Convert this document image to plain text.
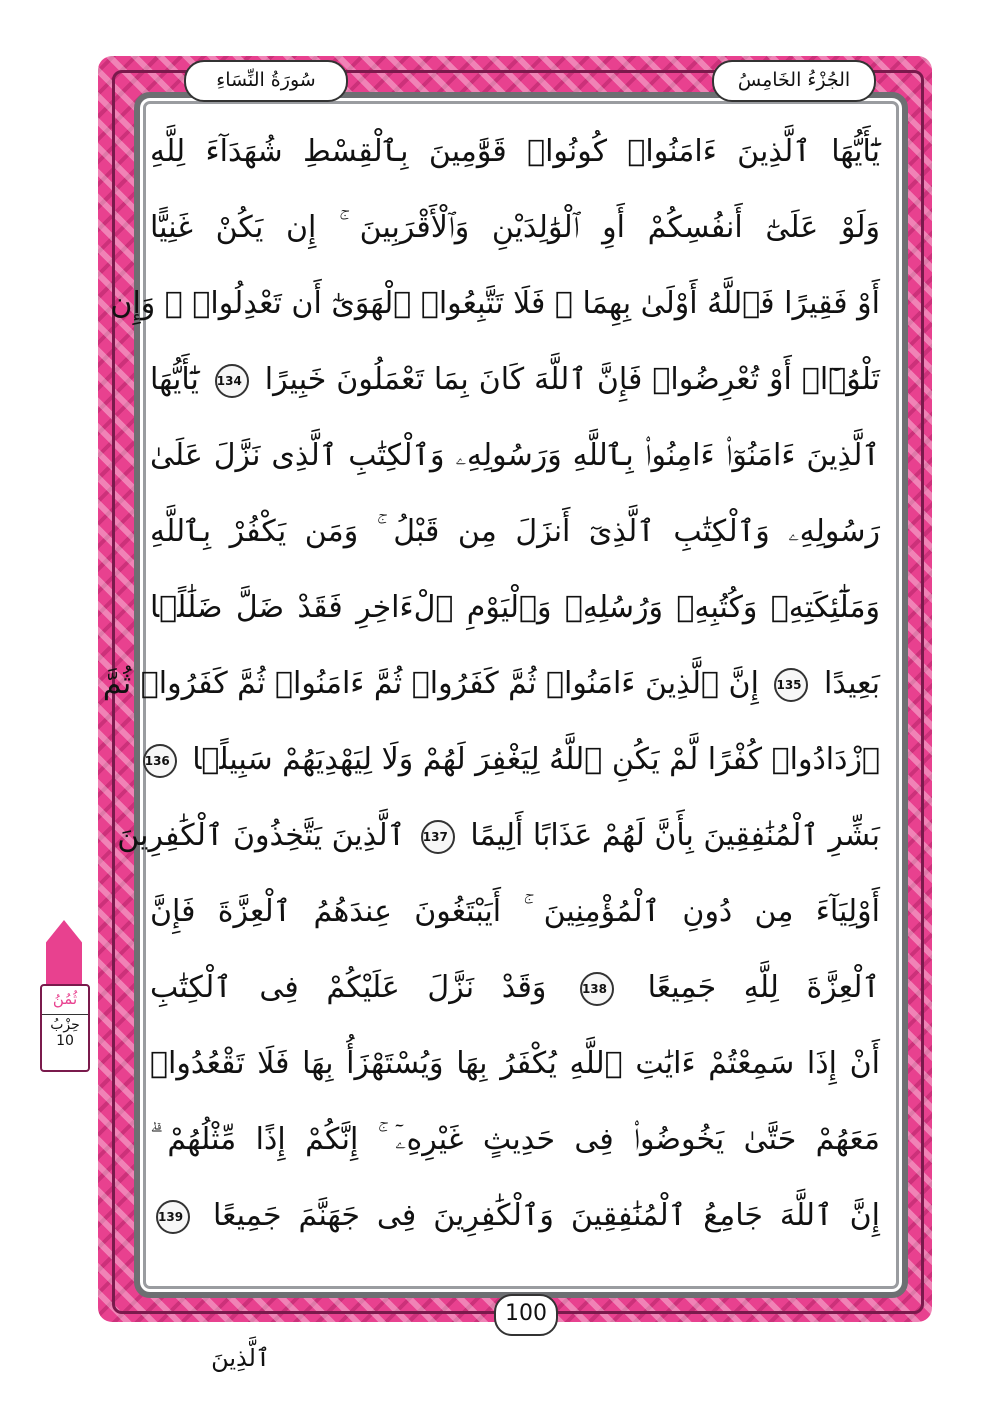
الجُزْءُ الخَامِسُ
سُورَةُ النِّسَاءِ
يَٰٓأَيُّهَا ٱلَّذِينَ ءَامَنُوا۟ كُونُوا۟ قَوَّٰمِينَ بِٱلْقِسْطِ شُهَدَآءَ لِلَّهِ
وَلَوْ عَلَىٰٓ أَنفُسِكُمْ أَوِ ٱلْوَٰلِدَيْنِ وَٱلْأَقْرَبِينَ ۚ إِن يَكُنْ غَنِيًّا
أَوْ فَقِيرًا فَٱللَّهُ أَوْلَىٰ بِهِمَا ۖ فَلَا تَتَّبِعُوا۟ ٱلْهَوَىٰٓ أَن تَعْدِلُوا۟ ۚ وَإِن
تَلْوُۥٓا۟ أَوْ تُعْرِضُوا۟ فَإِنَّ ٱللَّهَ كَانَ بِمَا تَعْمَلُونَ خَبِيرًا 134 يَٰٓأَيُّهَا
ٱلَّذِينَ ءَامَنُوٓا۟ ءَامِنُوا۟ بِٱللَّهِ وَرَسُولِهِۦ وَٱلْكِتَٰبِ ٱلَّذِى نَزَّلَ عَلَىٰ
رَسُولِهِۦ وَٱلْكِتَٰبِ ٱلَّذِىٓ أَنزَلَ مِن قَبْلُ ۚ وَمَن يَكْفُرْ بِٱللَّهِ
وَمَلَٰٓئِكَتِهِۦ وَكُتُبِهِۦ وَرُسُلِهِۦ وَٱلْيَوْمِ ٱلْءَاخِرِ فَقَدْ ضَلَّ ضَلَٰلًۢا
بَعِيدًا 135 إِنَّ ٱلَّذِينَ ءَامَنُوا۟ ثُمَّ كَفَرُوا۟ ثُمَّ ءَامَنُوا۟ ثُمَّ كَفَرُوا۟ ثُمَّ
ٱزْدَادُوا۟ كُفْرًا لَّمْ يَكُنِ ٱللَّهُ لِيَغْفِرَ لَهُمْ وَلَا لِيَهْدِيَهُمْ سَبِيلًۢا 136
بَشِّرِ ٱلْمُنَٰفِقِينَ بِأَنَّ لَهُمْ عَذَابًا أَلِيمًا 137 ٱلَّذِينَ يَتَّخِذُونَ ٱلْكَٰفِرِينَ
أَوْلِيَآءَ مِن دُونِ ٱلْمُؤْمِنِينَ ۚ أَيَبْتَغُونَ عِندَهُمُ ٱلْعِزَّةَ فَإِنَّ
ٱلْعِزَّةَ لِلَّهِ جَمِيعًا 138 وَقَدْ نَزَّلَ عَلَيْكُمْ فِى ٱلْكِتَٰبِ
أَنْ إِذَا سَمِعْتُمْ ءَايَٰتِ ٱللَّهِ يُكْفَرُ بِهَا وَيُسْتَهْزَأُ بِهَا فَلَا تَقْعُدُوا۟
مَعَهُمْ حَتَّىٰ يَخُوضُوا۟ فِى حَدِيثٍ غَيْرِهِۦٓ ۚ إِنَّكُمْ إِذًا مِّثْلُهُمْ ۗ
إِنَّ ٱللَّهَ جَامِعُ ٱلْمُنَٰفِقِينَ وَٱلْكَٰفِرِينَ فِى جَهَنَّمَ جَمِيعًا 139
100
ٱلَّذِينَ
ثُمُنُ
حِزْبُ
10
